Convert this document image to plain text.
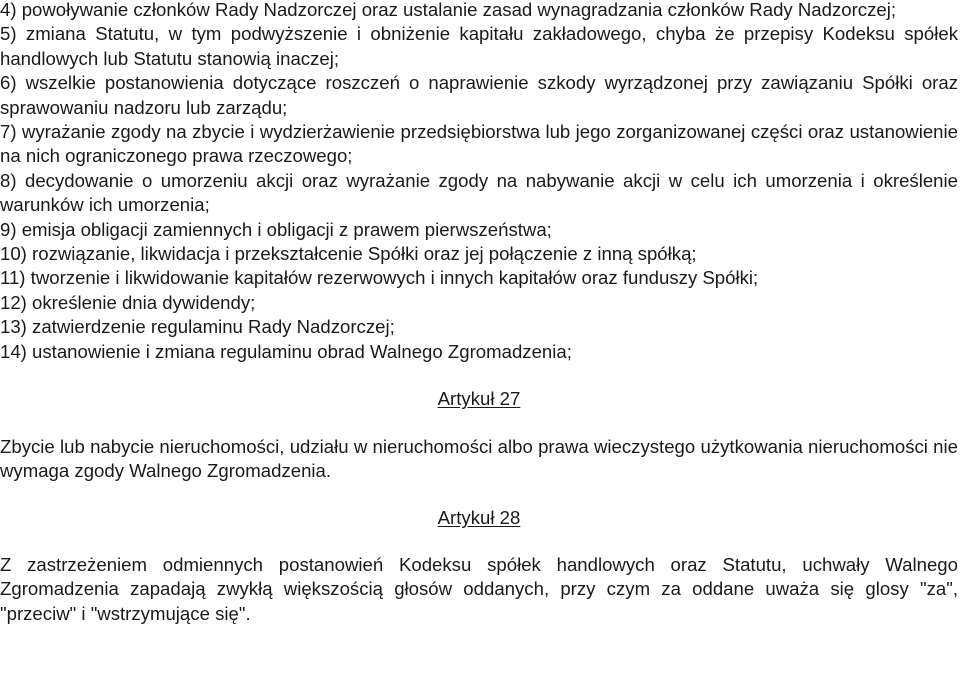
4) powoływanie członków Rady Nadzorczej oraz ustalanie zasad wynagradzania członków Rady Nadzorczej;

5) zmiana Statutu, w tym podwyższenie i obniżenie kapitału zakładowego, chyba że przepisy Kodeksu spółek handlowych lub Statutu stanowią inaczej;

6) wszelkie postanowienia dotyczące roszczeń o naprawienie szkody wyrządzonej przy zawiązaniu Spółki oraz sprawowaniu nadzoru lub zarządu;

7) wyrażanie zgody na zbycie i wydzierżawienie przedsiębiorstwa lub jego zorganizowanej części oraz ustanowienie na nich ograniczonego prawa rzeczowego;

8) decydowanie o umorzeniu akcji oraz wyrażanie zgody na nabywanie akcji w celu ich umorzenia i określenie warunków ich umorzenia;

9) emisja obligacji zamiennych i obligacji z prawem pierwszeństwa;

10) rozwiązanie, likwidacja i przekształcenie Spółki oraz jej połączenie z inną spółką;

11) tworzenie i likwidowanie kapitałów rezerwowych i innych kapitałów oraz funduszy Spółki;

12) określenie dnia dywidendy;

13) zatwierdzenie regulaminu Rady Nadzorczej;

14) ustanowienie i zmiana regulaminu obrad Walnego Zgromadzenia;

Artykuł 27

Zbycie lub nabycie nieruchomości, udziału w nieruchomości albo prawa wieczystego użytkowania nieruchomości nie wymaga zgody Walnego Zgromadzenia.

Artykuł 28

Z zastrzeżeniem odmiennych postanowień Kodeksu spółek handlowych oraz Statutu, uchwały Walnego Zgromadzenia zapadają zwykłą większością głosów oddanych, przy czym za oddane uważa się glosy "za", "przeciw" i "wstrzymujące się".
